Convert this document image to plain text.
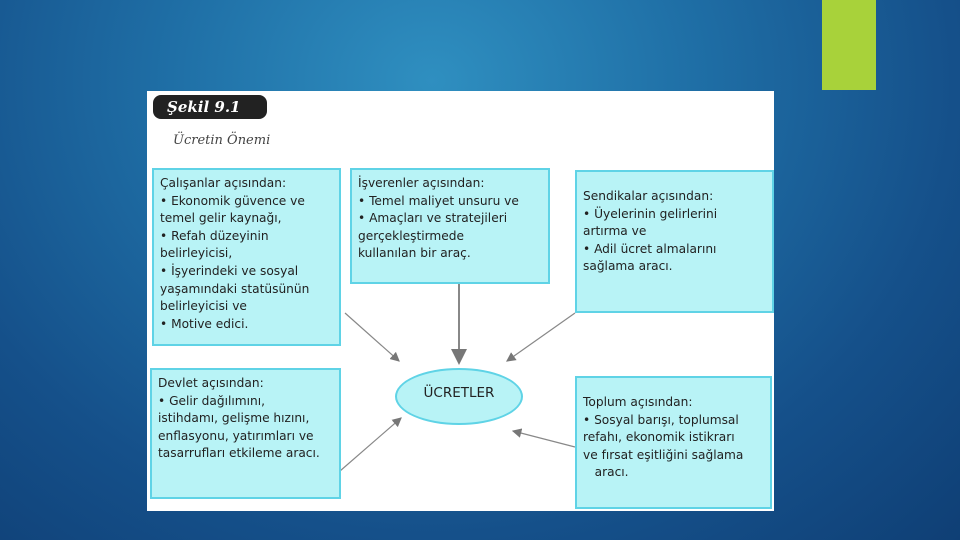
Şekil 9.1
Ücretin Önemi
Çalışanlar açısından:
• Ekonomik güvence ve
temel gelir kaynağı,
• Refah düzeyinin
belirleyicisi,
• İşyerindeki ve sosyal
yaşamındaki statüsünün
belirleyicisi ve
• Motive edici.
İşverenler açısından:
• Temel maliyet unsuru ve
• Amaçları ve stratejileri
gerçekleştirmede
kullanılan bir araç.
Sendikalar açısından:
• Üyelerinin gelirlerini
artırma ve
• Adil ücret almalarını
sağlama aracı.
Devlet açısından:
• Gelir dağılımını,
istihdamı, gelişme hızını,
enflasyonu, yatırımları ve
tasarrufları etkileme aracı.
ÜCRETLER
Toplum açısından:
• Sosyal barışı, toplumsal
refahı, ekonomik istikrarı
ve fırsat eşitliğini sağlama
aracı.
